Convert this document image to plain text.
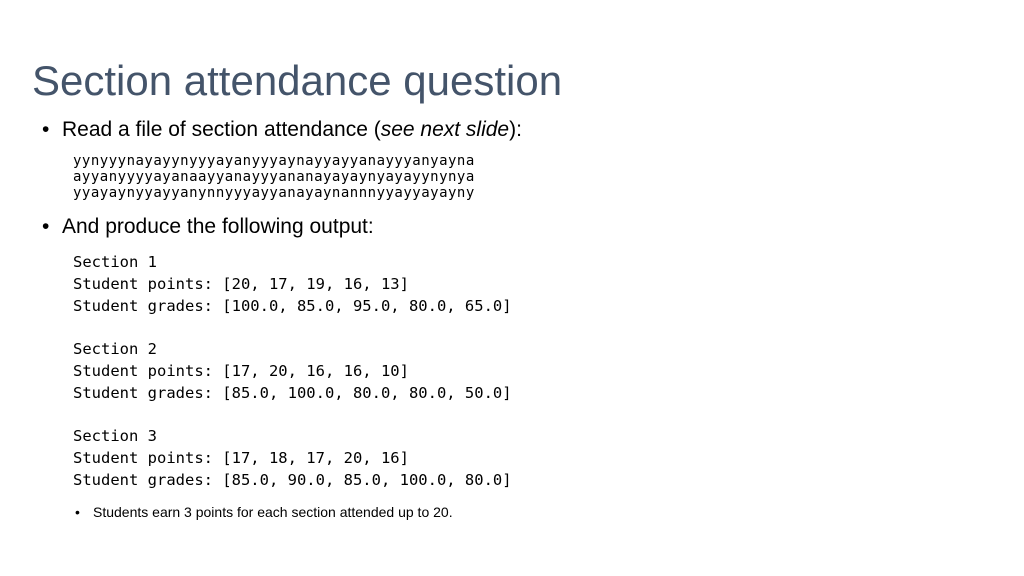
Section attendance question
• Read a file of section attendance (see next slide):
yynyyynayayynyyyayanyyyaynayyayyanayyyanyayna
ayyanyyyyayanaayyanayyyananayayaynyayayynynya
yyayaynyyayyanynnyyyayyanayaynannnyyayyayayny
• And produce the following output:
Section 1
Student points: [20, 17, 19, 16, 13]
Student grades: [100.0, 85.0, 95.0, 80.0, 65.0]

Section 2
Student points: [17, 20, 16, 16, 10]
Student grades: [85.0, 100.0, 80.0, 80.0, 50.0]

Section 3
Student points: [17, 18, 17, 20, 16]
Student grades: [85.0, 90.0, 85.0, 100.0, 80.0]
• Students earn 3 points for each section attended up to 20.
